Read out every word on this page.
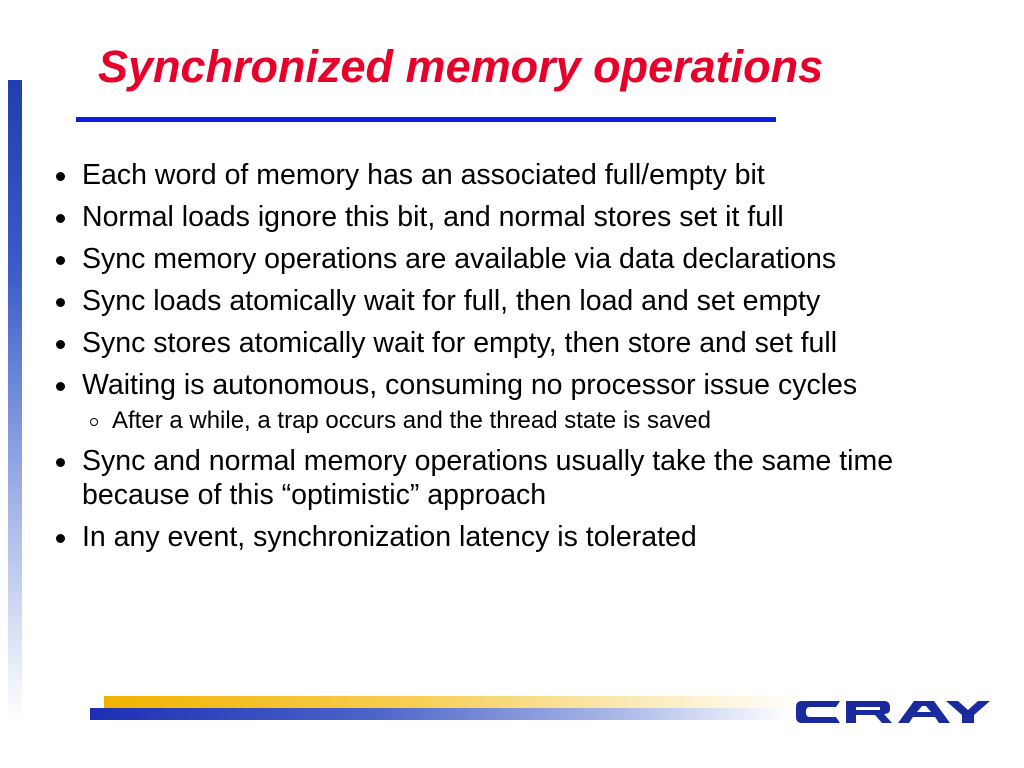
Synchronized memory operations
Each word of memory has an associated full/empty bit
Normal loads ignore this bit, and normal stores set it full
Sync memory operations are available via data declarations
Sync loads atomically wait for full, then load and set empty
Sync stores atomically wait for empty, then store and set full
Waiting is autonomous, consuming no processor issue cycles
After a while, a trap occurs and the thread state is saved
Sync and normal memory operations usually take the same time because of this “optimistic” approach
In any event, synchronization latency is tolerated
